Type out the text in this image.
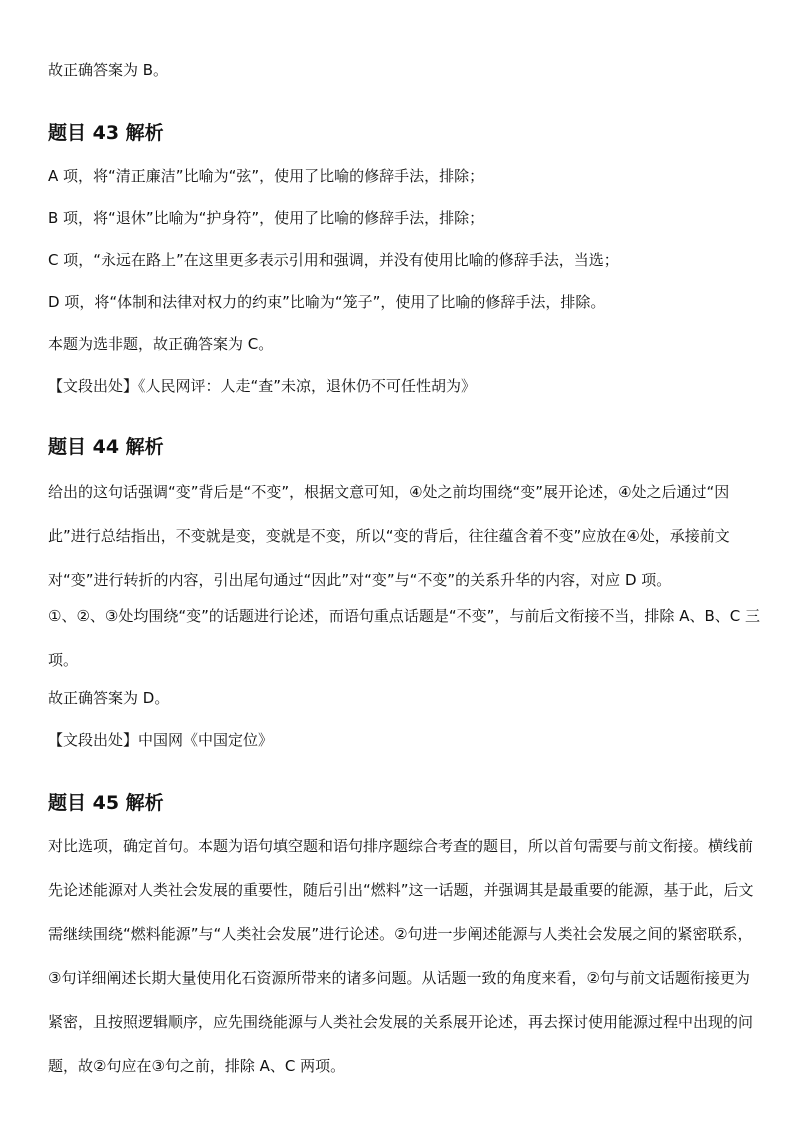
故正确答案为 B。

题目 43 解析

A 项，将“清正廉洁”比喻为“弦”，使用了比喻的修辞手法，排除；

B 项，将“退休”比喻为“护身符”，使用了比喻的修辞手法，排除；

C 项，“永远在路上”在这里更多表示引用和强调，并没有使用比喻的修辞手法，当选；

D 项，将“体制和法律对权力的约束”比喻为“笼子”，使用了比喻的修辞手法，排除。

本题为选非题，故正确答案为 C。

【文段出处】《人民网评：人走“查”未凉，退休仍不可任性胡为》

题目 44 解析

给出的这句话强调“变”背后是“不变”，根据文意可知，④处之前均围绕“变”展开论述，④处之后通过“因此”进行总结指出，不变就是变，变就是不变，所以“变的背后，往往蕴含着不变”应放在④处，承接前文对“变”进行转折的内容，引出尾句通过“因此”对“变”与“不变”的关系升华的内容，对应 D 项。

①、②、③处均围绕“变”的话题进行论述，而语句重点话题是“不变”，与前后文衔接不当，排除 A、B、C 三项。

故正确答案为 D。

【文段出处】中国网《中国定位》

题目 45 解析

对比选项，确定首句。本题为语句填空题和语句排序题综合考查的题目，所以首句需要与前文衔接。横线前先论述能源对人类社会发展的重要性，随后引出“燃料”这一话题，并强调其是最重要的能源，基于此，后文需继续围绕“燃料能源”与“人类社会发展”进行论述。②句进一步阐述能源与人类社会发展之间的紧密联系，③句详细阐述长期大量使用化石资源所带来的诸多问题。从话题一致的角度来看，②句与前文话题衔接更为紧密，且按照逻辑顺序，应先围绕能源与人类社会发展的关系展开论述，再去探讨使用能源过程中出现的问题，故②句应在③句之前，排除 A、C 两项。
